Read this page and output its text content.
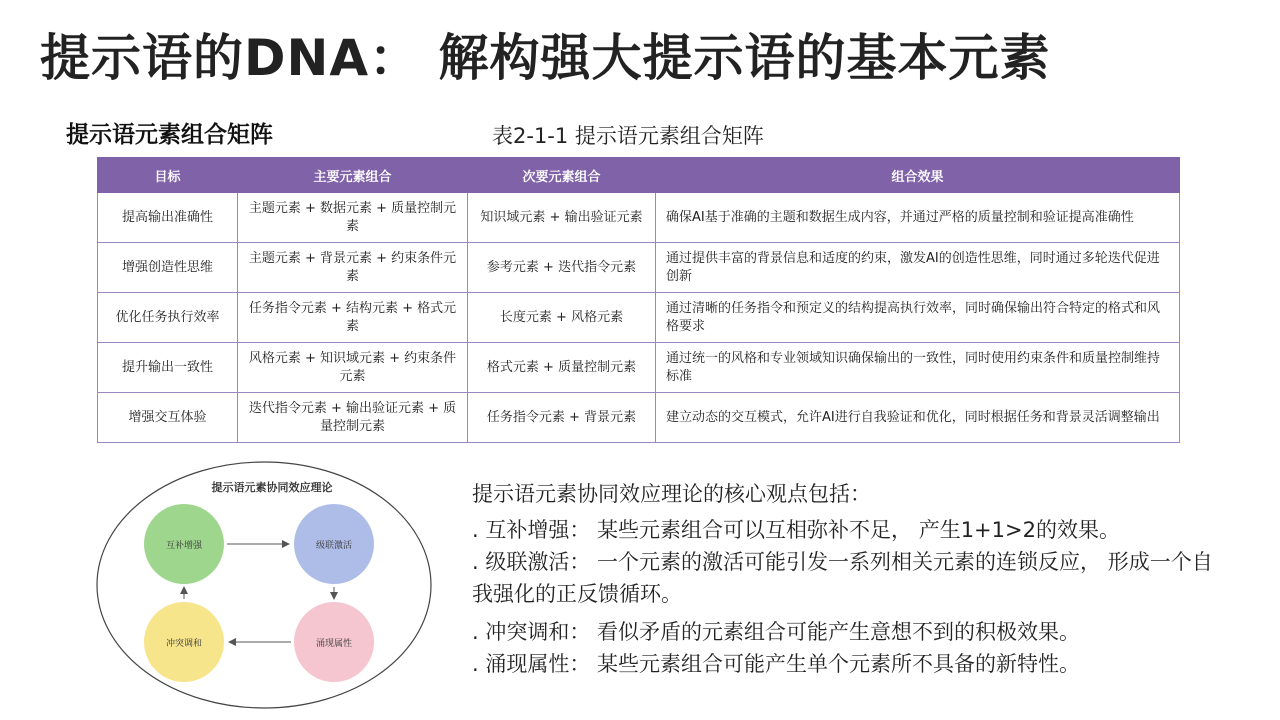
提示语的DNA： 解构强大提示语的基本元素
提示语元素组合矩阵	表2-1-1 提示语元素组合矩阵
目标	主要元素组合	次要元素组合	组合效果
提高输出准确性	主题元素 + 数据元素 + 质量控制元素	知识域元素 + 输出验证元素	确保AI基于准确的主题和数据生成内容，并通过严格的质量控制和验证提高准确性
增强创造性思维	主题元素 + 背景元素 + 约束条件元素	参考元素 + 迭代指令元素	通过提供丰富的背景信息和适度的约束，激发AI的创造性思维，同时通过多轮迭代促进创新
优化任务执行效率	任务指令元素 + 结构元素 + 格式元素	长度元素 + 风格元素	通过清晰的任务指令和预定义的结构提高执行效率，同时确保输出符合特定的格式和风格要求
提升输出一致性	风格元素 + 知识域元素 + 约束条件元素	格式元素 + 质量控制元素	通过统一的风格和专业领域知识确保输出的一致性，同时使用约束条件和质量控制维持标准
增强交互体验	迭代指令元素 + 输出验证元素 + 质量控制元素	任务指令元素 + 背景元素	建立动态的交互模式，允许AI进行自我验证和优化，同时根据任务和背景灵活调整输出
提示语元素协同效应理论
互补增强	级联激活
涌现属性
冲突调和
提示语元素协同效应理论的核心观点包括：

. 互补增强： 某些元素组合可以互相弥补不足， 产生1+1>2的效果。

. 级联激活： 一个元素的激活可能引发一系列相关元素的连锁反应， 形成一个自我强化的正反馈循环。

. 冲突调和： 看似矛盾的元素组合可能产生意想不到的积极效果。

. 涌现属性： 某些元素组合可能产生单个元素所不具备的新特性。
